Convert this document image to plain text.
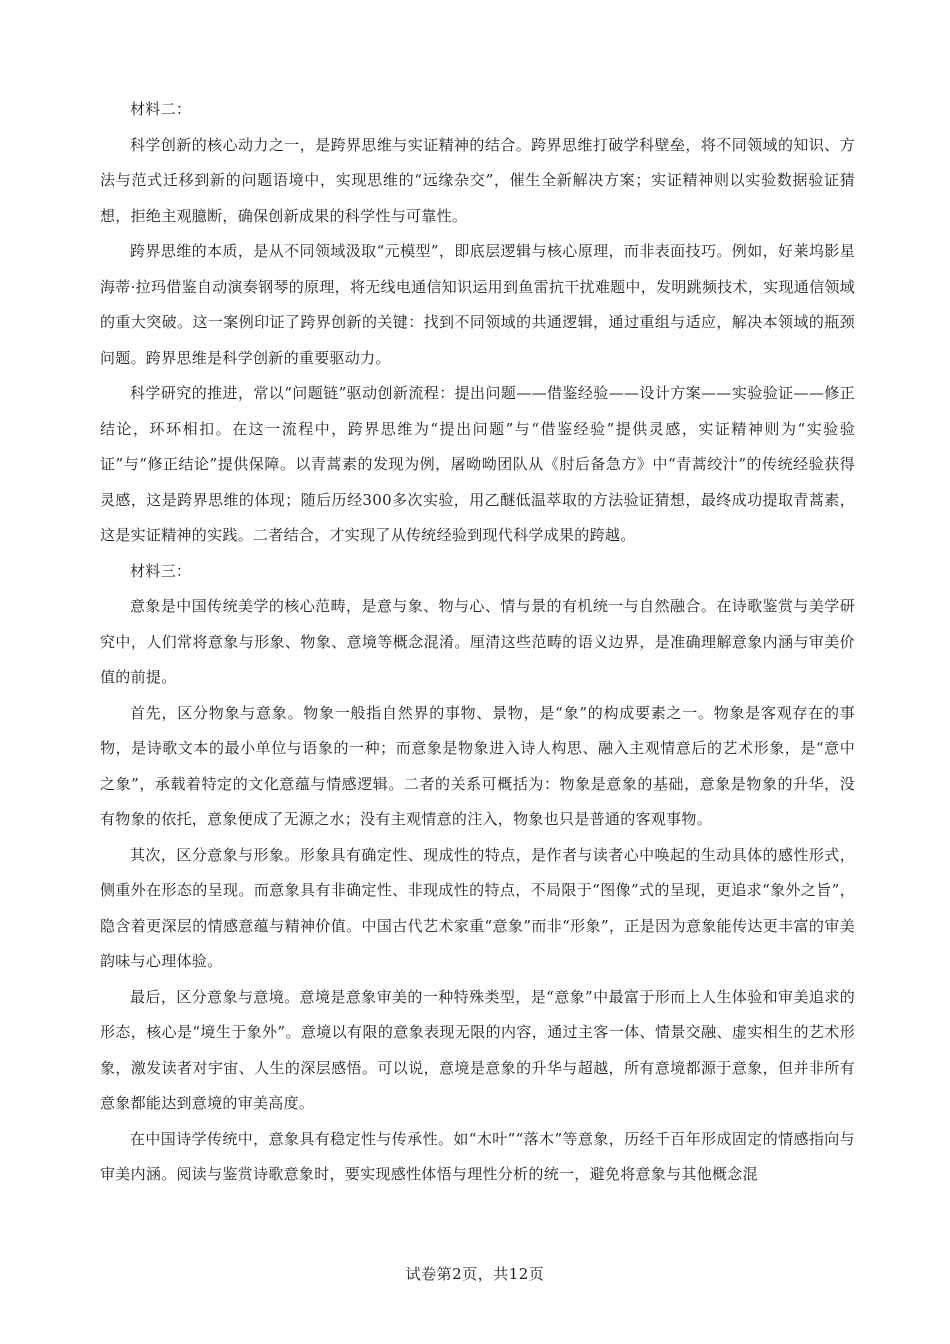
材料二：

科学创新的核心动力之一，是跨界思维与实证精神的结合。跨界思维打破学科壁垒，将不同领域的知识、方法与范式迁移到新的问题语境中，实现思维的“远缘杂交”，催生全新解决方案；实证精神则以实验数据验证猜想，拒绝主观臆断，确保创新成果的科学性与可靠性。

跨界思维的本质，是从不同领域汲取“元模型”，即底层逻辑与核心原理，而非表面技巧。例如，好莱坞影星海蒂·拉玛借鉴自动演奏钢琴的原理，将无线电通信知识运用到鱼雷抗干扰难题中，发明跳频技术，实现通信领域的重大突破。这一案例印证了跨界创新的关键：找到不同领域的共通逻辑，通过重组与适应，解决本领域的瓶颈问题。跨界思维是科学创新的重要驱动力。

科学研究的推进，常以“问题链”驱动创新流程：提出问题——借鉴经验——设计方案——实验验证——修正结论，环环相扣。在这一流程中，跨界思维为“提出问题”与“借鉴经验”提供灵感，实证精神则为“实验验证”与“修正结论”提供保障。以青蒿素的发现为例，屠呦呦团队从《肘后备急方》中“青蒿绞汁”的传统经验获得灵感，这是跨界思维的体现；随后历经300多次实验，用乙醚低温萃取的方法验证猜想，最终成功提取青蒿素，这是实证精神的实践。二者结合，才实现了从传统经验到现代科学成果的跨越。

材料三：

意象是中国传统美学的核心范畴，是意与象、物与心、情与景的有机统一与自然融合。在诗歌鉴赏与美学研究中，人们常将意象与形象、物象、意境等概念混淆。厘清这些范畴的语义边界，是准确理解意象内涵与审美价值的前提。

首先，区分物象与意象。物象一般指自然界的事物、景物，是“象”的构成要素之一。物象是客观存在的事物，是诗歌文本的最小单位与语象的一种；而意象是物象进入诗人构思、融入主观情意后的艺术形象，是“意中之象”，承载着特定的文化意蕴与情感逻辑。二者的关系可概括为：物象是意象的基础，意象是物象的升华，没有物象的依托，意象便成了无源之水；没有主观情意的注入，物象也只是普通的客观事物。

其次，区分意象与形象。形象具有确定性、现成性的特点，是作者与读者心中唤起的生动具体的感性形式，侧重外在形态的呈现。而意象具有非确定性、非现成性的特点，不局限于“图像”式的呈现，更追求“象外之旨”，隐含着更深层的情感意蕴与精神价值。中国古代艺术家重“意象”而非“形象”，正是因为意象能传达更丰富的审美韵味与心理体验。

最后，区分意象与意境。意境是意象审美的一种特殊类型，是“意象”中最富于形而上人生体验和审美追求的形态，核心是“境生于象外”。意境以有限的意象表现无限的内容，通过主客一体、情景交融、虚实相生的艺术形象，激发读者对宇宙、人生的深层感悟。可以说，意境是意象的升华与超越，所有意境都源于意象，但并非所有意象都能达到意境的审美高度。

在中国诗学传统中，意象具有稳定性与传承性。如“木叶”“落木”等意象，历经千百年形成固定的情感指向与审美内涵。阅读与鉴赏诗歌意象时，要实现感性体悟与理性分析的统一，避免将意象与其他概念混

试卷第2页，共12页
